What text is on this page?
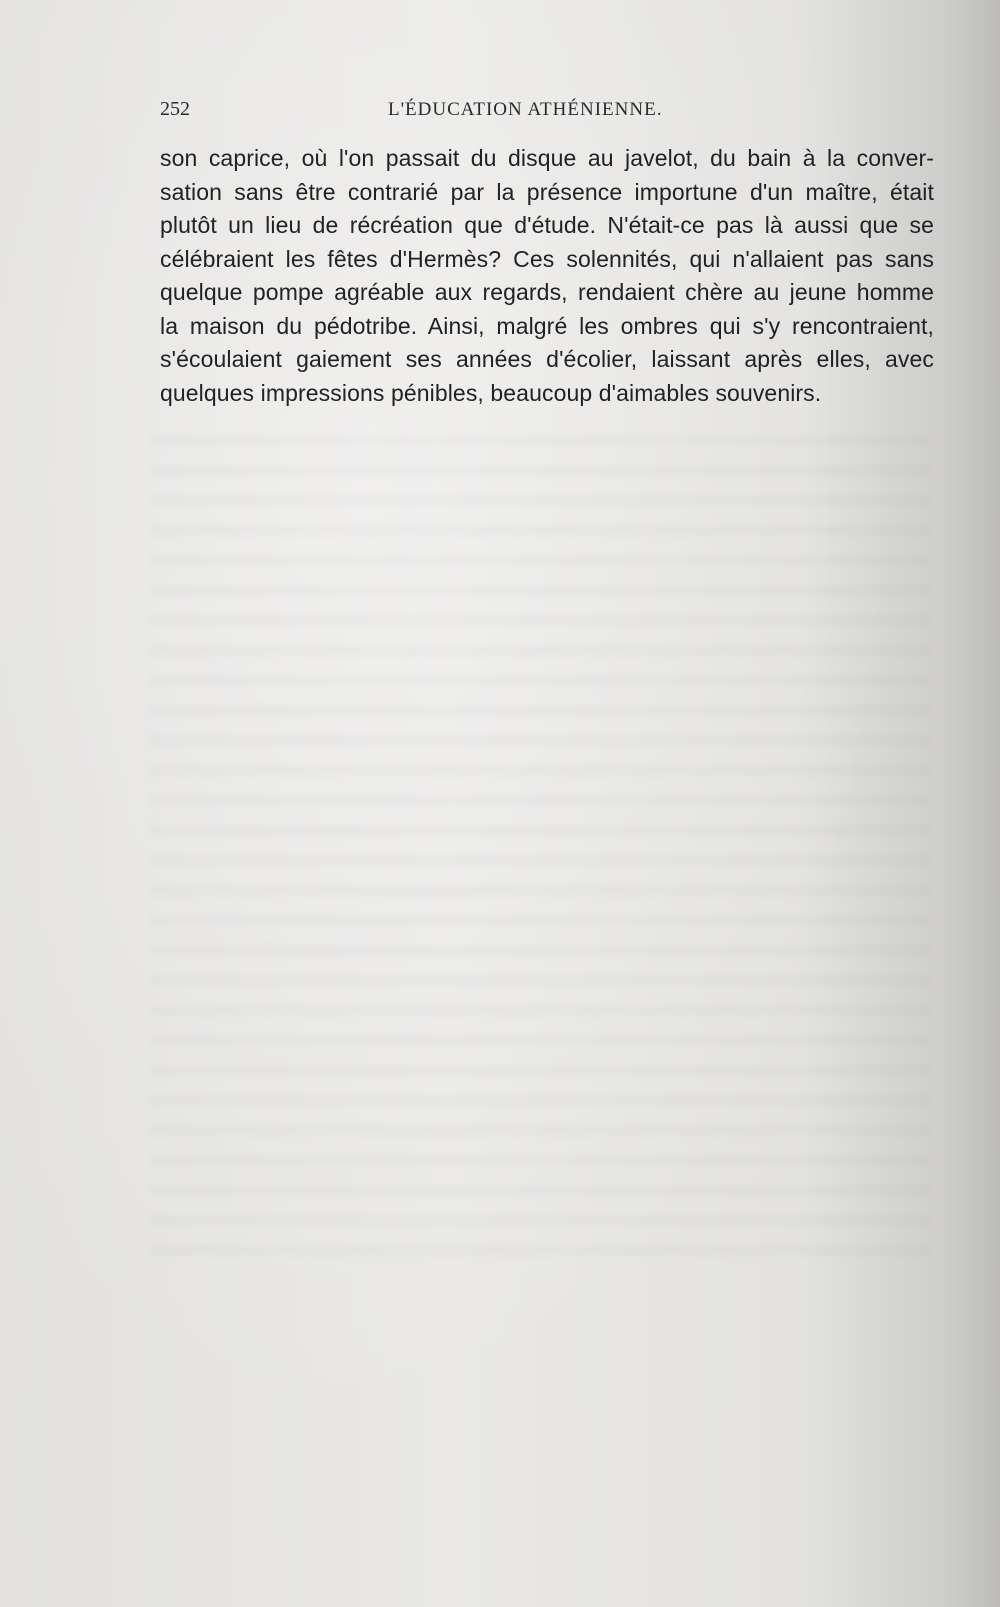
252	L'ÉDUCATION ATHÉNIENNE.
son caprice, où l'on passait du disque au javelot, du bain à la conver-
sation sans être contrarié par la présence importune d'un maître, était
plutôt un lieu de récréation que d'étude. N'était-ce pas là aussi que se
célébraient les fêtes d'Hermès? Ces solennités, qui n'allaient pas sans
quelque pompe agréable aux regards, rendaient chère au jeune homme
la maison du pédotribe. Ainsi, malgré les ombres qui s'y rencontraient,
s'écoulaient gaiement ses années d'écolier, laissant après elles, avec
quelques impressions pénibles, beaucoup d'aimables souvenirs.
